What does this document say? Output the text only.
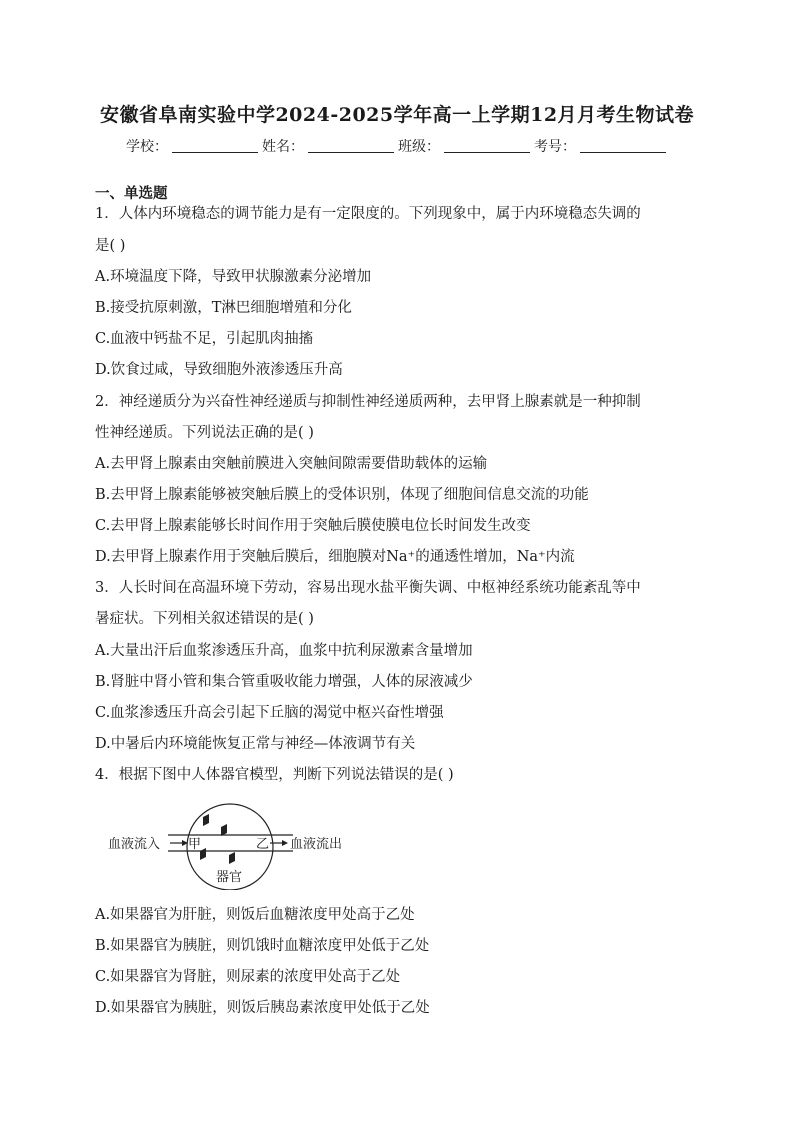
安徽省阜南实验中学2024-2025学年高一上学期12月月考生物试卷
学校：	姓名：	班级：	考号：
一、单选题
1．人体内环境稳态的调节能力是有一定限度的。下列现象中，属于内环境稳态失调的
是( )
A.环境温度下降，导致甲状腺激素分泌增加
B.接受抗原刺激，T淋巴细胞增殖和分化
C.血液中钙盐不足，引起肌肉抽搐
D.饮食过咸，导致细胞外液渗透压升高
2．神经递质分为兴奋性神经递质与抑制性神经递质两种，去甲肾上腺素就是一种抑制
性神经递质。下列说法正确的是( )
A.去甲肾上腺素由突触前膜进入突触间隙需要借助载体的运输
B.去甲肾上腺素能够被突触后膜上的受体识别，体现了细胞间信息交流的功能
C.去甲肾上腺素能够长时间作用于突触后膜使膜电位长时间发生改变
D.去甲肾上腺素作用于突触后膜后，细胞膜对Na⁺的通透性增加，Na⁺内流
3．人长时间在高温环境下劳动，容易出现水盐平衡失调、中枢神经系统功能紊乱等中
暑症状。下列相关叙述错误的是( )
A.大量出汗后血浆渗透压升高，血浆中抗利尿激素含量增加
B.肾脏中肾小管和集合管重吸收能力增强，人体的尿液减少
C.血浆渗透压升高会引起下丘脑的渴觉中枢兴奋性增强
D.中暑后内环境能恢复正常与神经—体液调节有关
4．根据下图中人体器官模型，判断下列说法错误的是( )
血液流入 甲	乙 血液流出
器官
A.如果器官为肝脏，则饭后血糖浓度甲处高于乙处
B.如果器官为胰脏，则饥饿时血糖浓度甲处低于乙处
C.如果器官为肾脏，则尿素的浓度甲处高于乙处
D.如果器官为胰脏，则饭后胰岛素浓度甲处低于乙处
